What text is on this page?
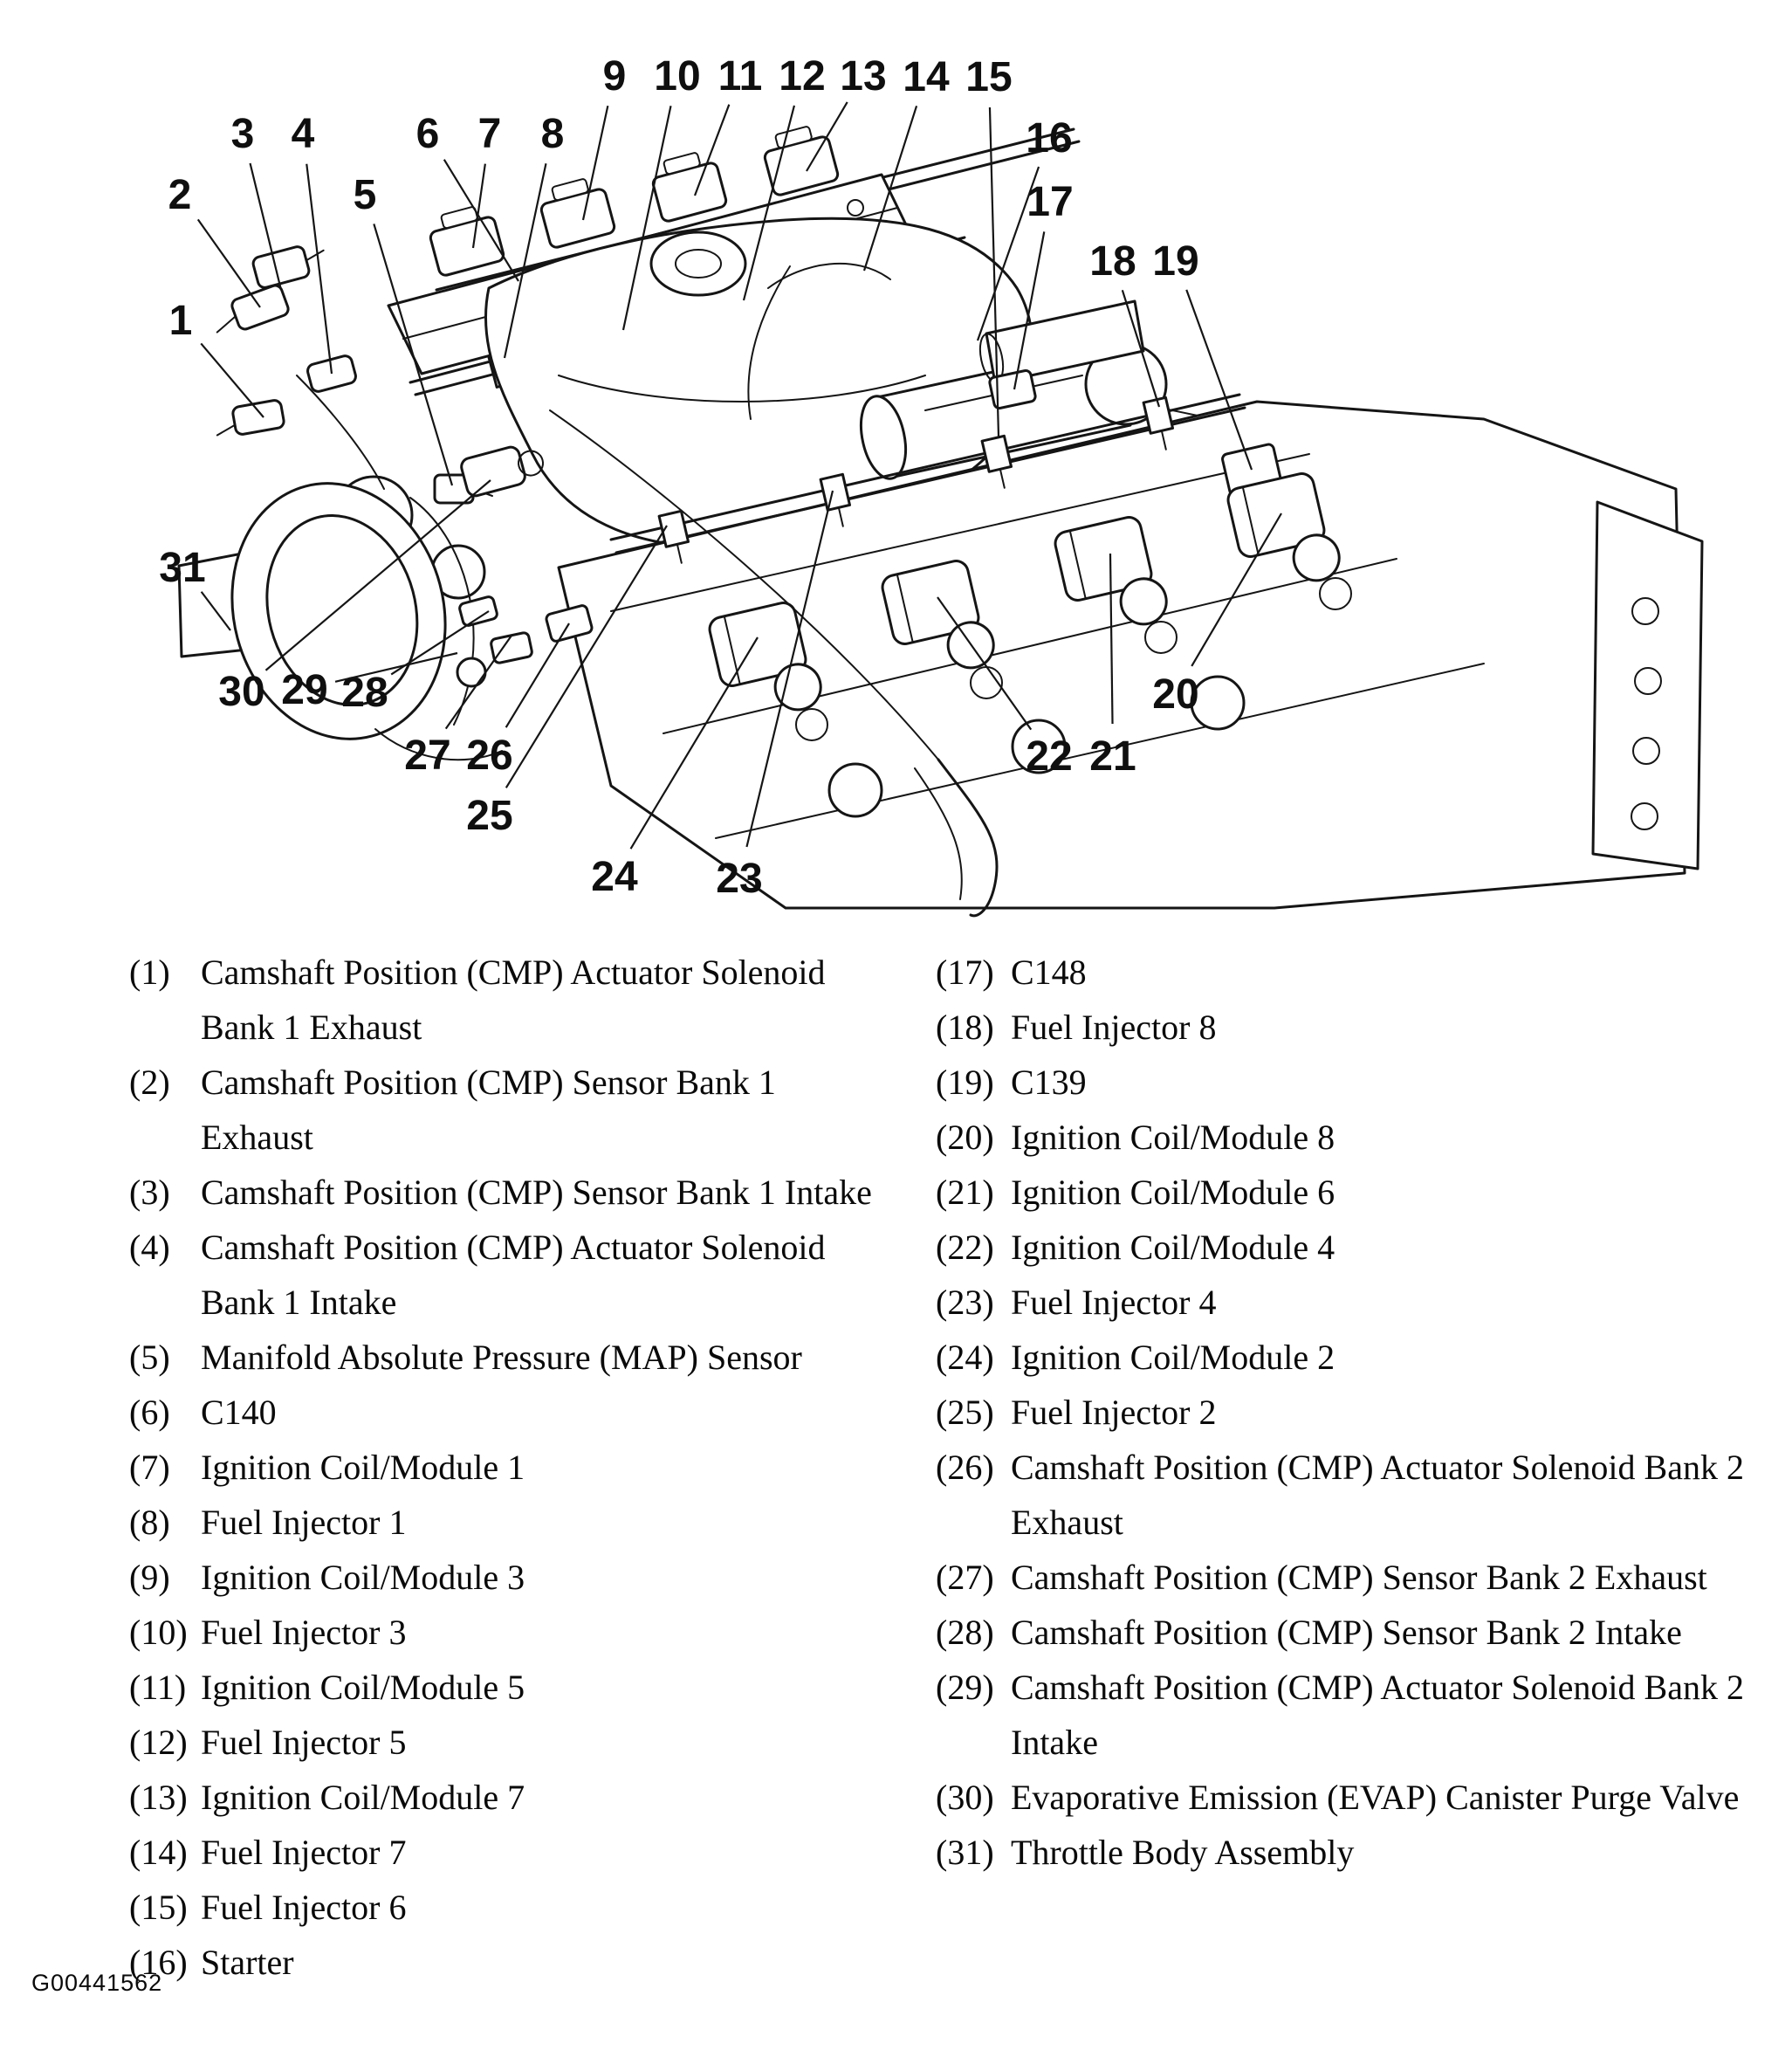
1
2
3 4
5
6 7 8
9 10 11 12 13 14 15
16
17
18 19
20
21
22
23
24
25
26
27
28
29
30
31
(1) Camshaft Position (CMP) Actuator Solenoid
Bank 1 Exhaust
(2) Camshaft Position (CMP) Sensor Bank 1
Exhaust
(3) Camshaft Position (CMP) Sensor Bank 1 Intake
(4) Camshaft Position (CMP) Actuator Solenoid
Bank 1 Intake
(5) Manifold Absolute Pressure (MAP) Sensor
(6) C140
(7) Ignition Coil/Module 1
(8) Fuel Injector 1
(9) Ignition Coil/Module 3
(10) Fuel Injector 3
(11) Ignition Coil/Module 5
(12) Fuel Injector 5
(13) Ignition Coil/Module 7
(14) Fuel Injector 7
(15) Fuel Injector 6
(16) Starter
(17) C148
(18) Fuel Injector 8
(19) C139
(20) Ignition Coil/Module 8
(21) Ignition Coil/Module 6
(22) Ignition Coil/Module 4
(23) Fuel Injector 4
(24) Ignition Coil/Module 2
(25) Fuel Injector 2
(26) Camshaft Position (CMP) Actuator Solenoid Bank 2
Exhaust
(27) Camshaft Position (CMP) Sensor Bank 2 Exhaust
(28) Camshaft Position (CMP) Sensor Bank 2 Intake
(29) Camshaft Position (CMP) Actuator Solenoid Bank 2
Intake
(30) Evaporative Emission (EVAP) Canister Purge Valve
(31) Throttle Body Assembly
G00441562
